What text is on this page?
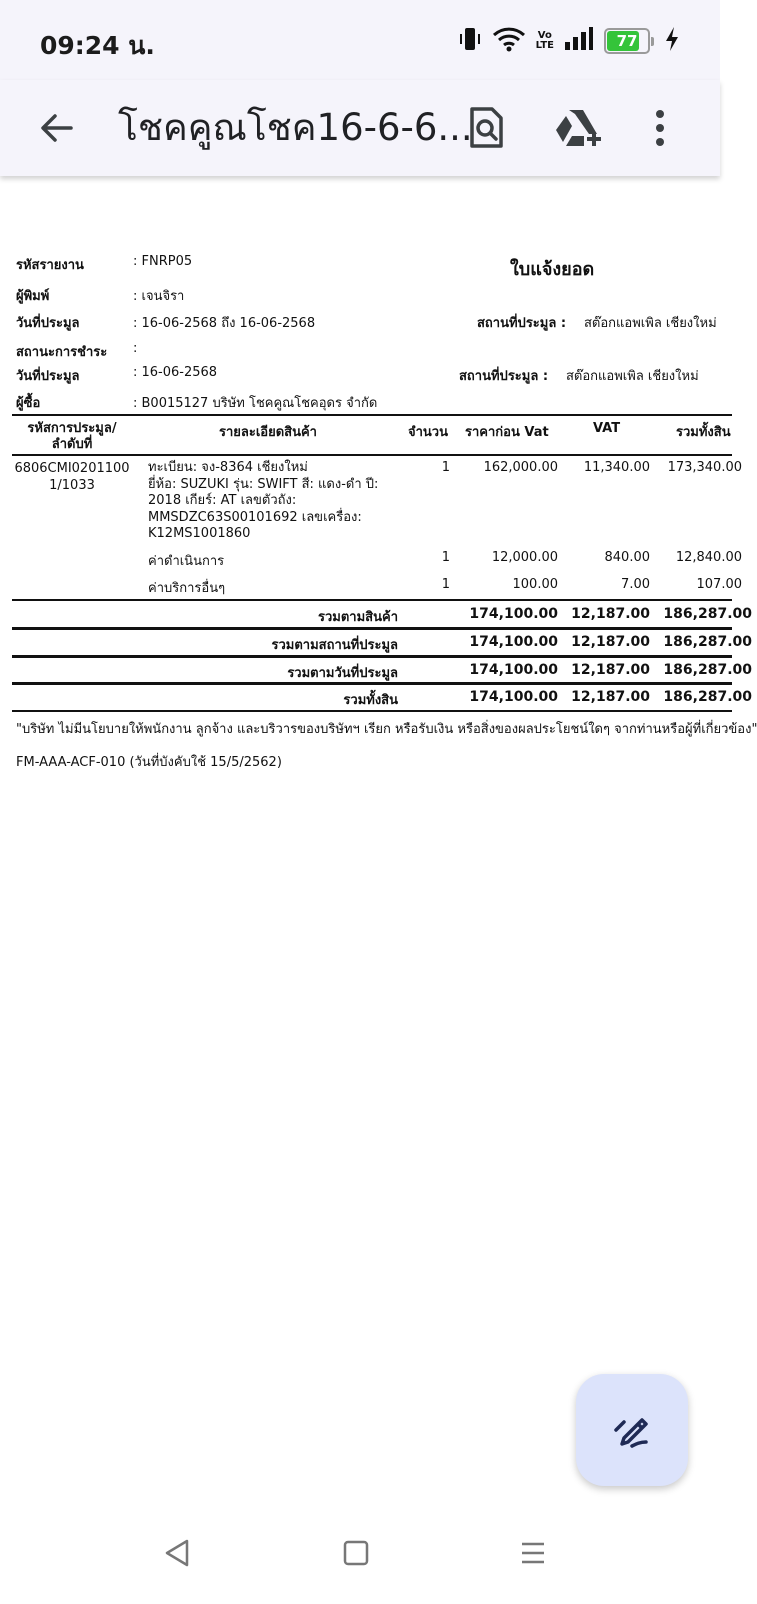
09:24 น.	Vo
LTE	77
โชคคูณโชค16-6-6...
รหัสรายงาน	: FNRP05	ใบแจ้งยอด
ผู้พิมพ์	: เจนจิรา
วันที่ประมูล	: 16-06-2568 ถึง 16-06-2568	สถานที่ประมูล : สต๊อกแอพเพิล เชียงใหม่
สถานะการชำระ :
วันที่ประมูล	: 16-06-2568	สถานที่ประมูล : สต๊อกแอพเพิล เชียงใหม่
ผู้ซื้อ	: B0015127 บริษัท โชคคูณโชคอุดร จำกัด
รหัสการประมูล/
ลำดับที่
รายละเอียดสินค้า	จำนวน ราคาก่อน Vat	VAT	รวมทั้งสิน
6806CMI0201100
1/1033
ทะเบียน: จง-8364 เชียงใหม่
ยี่ห้อ: SUZUKI รุ่น: SWIFT สี: แดง-ดำ ปี:
2018 เกียร์: AT เลขตัวถัง:
MMSDZC63S00101692 เลขเครื่อง:
K12MS1001860
1	162,000.00	11,340.00	173,340.00
ค่าดำเนินการ	1	12,000.00	840.00	12,840.00
ค่าบริการอื่นๆ	1	100.00	7.00	107.00
รวมตามสินค้า	174,100.00 12,187.00 186,287.00
รวมตามสถานที่ประมูล	174,100.00 12,187.00 186,287.00
รวมตามวันที่ประมูล	174,100.00 12,187.00 186,287.00
รวมทั้งสิน	174,100.00 12,187.00 186,287.00
"บริษัท ไม่มีนโยบายให้พนักงาน ลูกจ้าง และบริวารของบริษัทฯ เรียก หรือรับเงิน หรือสิ่งของผลประโยชน์ใดๆ จากท่านหรือผู้ที่เกี่ยวข้อง"
FM-AAA-ACF-010 (วันที่บังคับใช้ 15/5/2562)
